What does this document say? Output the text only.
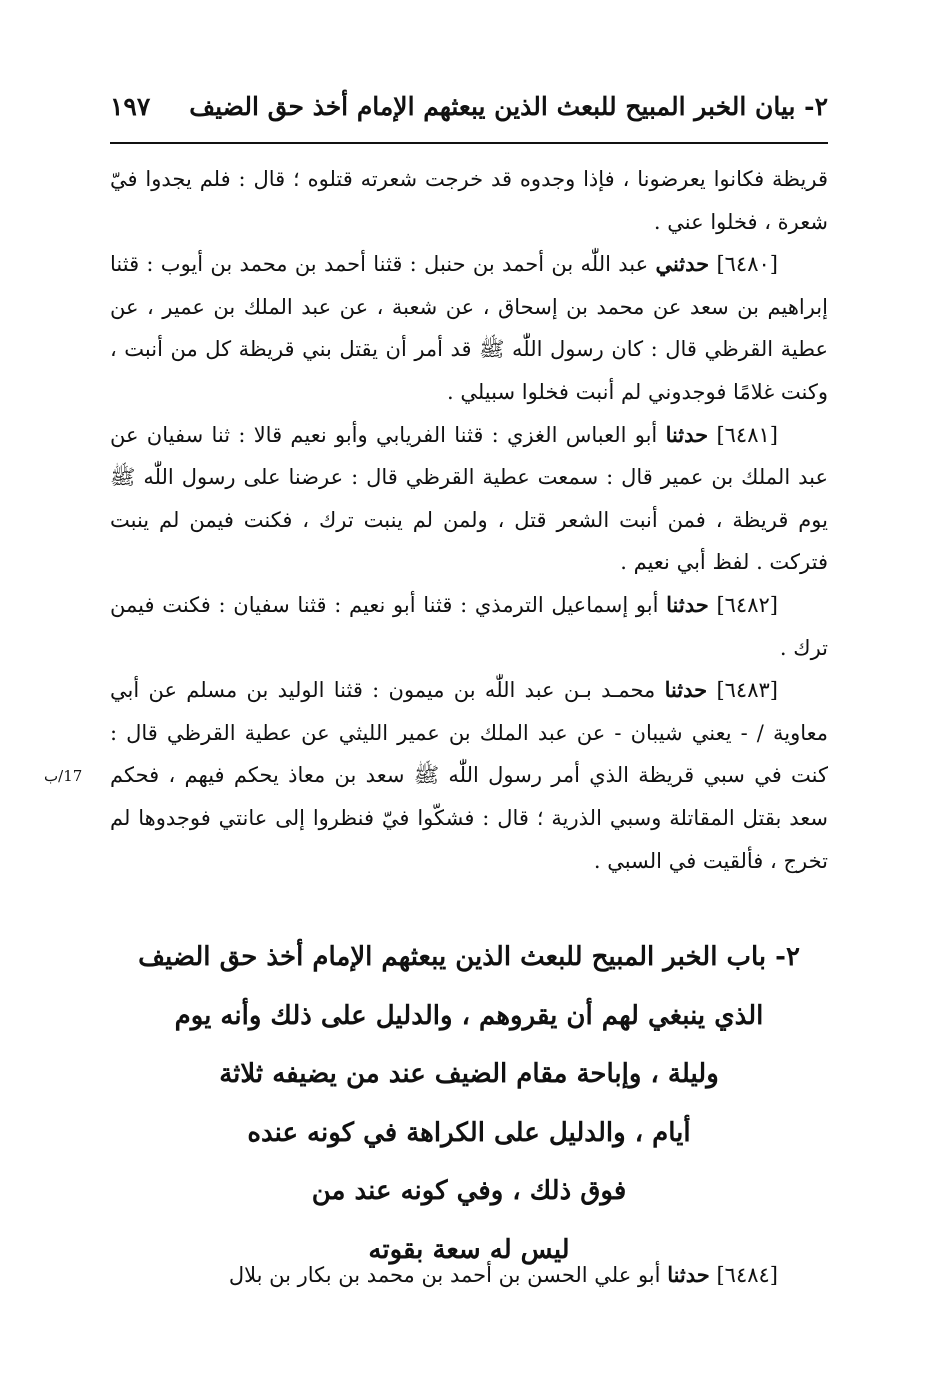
٢- بيان الخبر المبيح للبعث الذين يبعثهم الإمام أخذ حق الضيف
١٩٧
17/ب

قريظة فكانوا يعرضونا ، فإذا وجدوه قد خرجت شعرته قتلوه ؛ قال : فلم يجدوا فيّ شعرة ، فخلوا عني .

[٦٤٨٠] حدثني عبد اللّٰه بن أحمد بن حنبل : قثنا أحمد بن محمد بن أيوب : قثنا إبراهيم بن سعد عن محمد بن إسحاق ، عن شعبة ، عن عبد الملك بن عمير ، عن عطية القرظي قال : كان رسول اللّٰه ﷺ قد أمر أن يقتل بني قريظة كل من أنبت ، وكنت غلامًا فوجدوني لم أنبت فخلوا سبيلي .

[٦٤٨١] حدثنا أبو العباس الغزي : قثنا الفريابي وأبو نعيم قالا : ثنا سفيان عن عبد الملك بن عمير قال : سمعت عطية القرظي قال : عرضنا على رسول اللّٰه ﷺ يوم قريظة ، فمن أنبت الشعر قتل ، ولمن لم ينبت ترك ، فكنت فيمن لم ينبت فتركت . لفظ أبي نعيم .

[٦٤٨٢] حدثنا أبو إسماعيل الترمذي : قثنا أبو نعيم : قثنا سفيان : فكنت فيمن ترك .

[٦٤٨٣] حدثنا محمـد بـن عبد اللّٰه بن ميمون : قثنا الوليد بن مسلم عن أبي معاوية / - يعني شيبان - عن عبد الملك بن عمير الليثي عن عطية القرظي قال : كنت في سبي قريظة الذي أمر رسول اللّٰه ﷺ سعد بن معاذ يحكم فيهم ، فحكم سعد بقتل المقاتلة وسبي الذرية ؛ قال : فشكّوا فيّ فنظروا إلى عانتي فوجدوها لم تخرج ، فألقيت في السبي .

٢- باب الخبر المبيح للبعث الذين يبعثهم الإمام أخذ حق الضيف
الذي ينبغي لهم أن يقروهم ، والدليل على ذلك وأنه يوم
وليلة ، وإباحة مقام الضيف عند من يضيفه ثلاثة
أيام ، والدليل على الكراهة في كونه عنده
فوق ذلك ، وفي كونه عند من
ليس له سعة بقوته

[٦٤٨٤] حدثنا أبو علي الحسن بن أحمد بن محمد بن بكار بن بلال
